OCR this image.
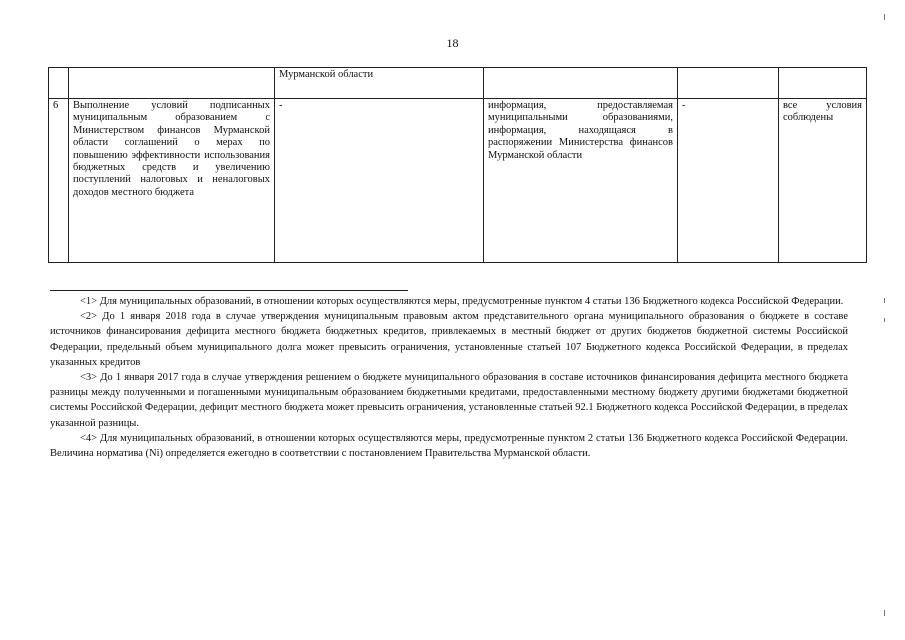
18
		Мурманской области			
6	Выполнение условий подписанных муниципальным образованием с Министерством финансов Мурманской области соглашений о мерах по повышению эффективности использования бюджетных средств и увеличению поступлений налоговых и неналоговых доходов местного бюджета	-	информация, предоставляемая муниципальными образованиями, информация, находящаяся в распоряжении Министерства финансов Мурманской области	-	все условия соблюдены

<1> Для муниципальных образований, в отношении которых осуществляются меры, предусмотренные пунктом 4 статьи 136 Бюджетного кодекса Российской Федерации.

<2> До 1 января 2018 года в случае утверждения муниципальным правовым актом представительного органа муниципального образования о бюджете в составе источников финансирования дефицита местного бюджета бюджетных кредитов, привлекаемых в местный бюджет от других бюджетов бюджетной системы Российской Федерации, предельный объем муниципального долга может превысить ограничения, установленные статьей 107 Бюджетного кодекса Российской Федерации, в пределах указанных кредитов

<3> До 1 января 2017 года в случае утверждения решением о бюджете муниципального образования в составе источников финансирования дефицита местного бюджета разницы между полученными и погашенными муниципальным образованием бюджетными кредитами, предоставленными местному бюджету другими бюджетами бюджетной системы Российской Федерации, дефицит местного бюджета может превысить ограничения, установленные статьей 92.1 Бюджетного кодекса Российской Федерации, в пределах указанной разницы.

<4> Для муниципальных образований, в отношении которых осуществляются меры, предусмотренные пунктом 2 статьи 136 Бюджетного кодекса Российской Федерации. Величина норматива (Ni) определяется ежегодно в соответствии с постановлением Правительства Мурманской области.
